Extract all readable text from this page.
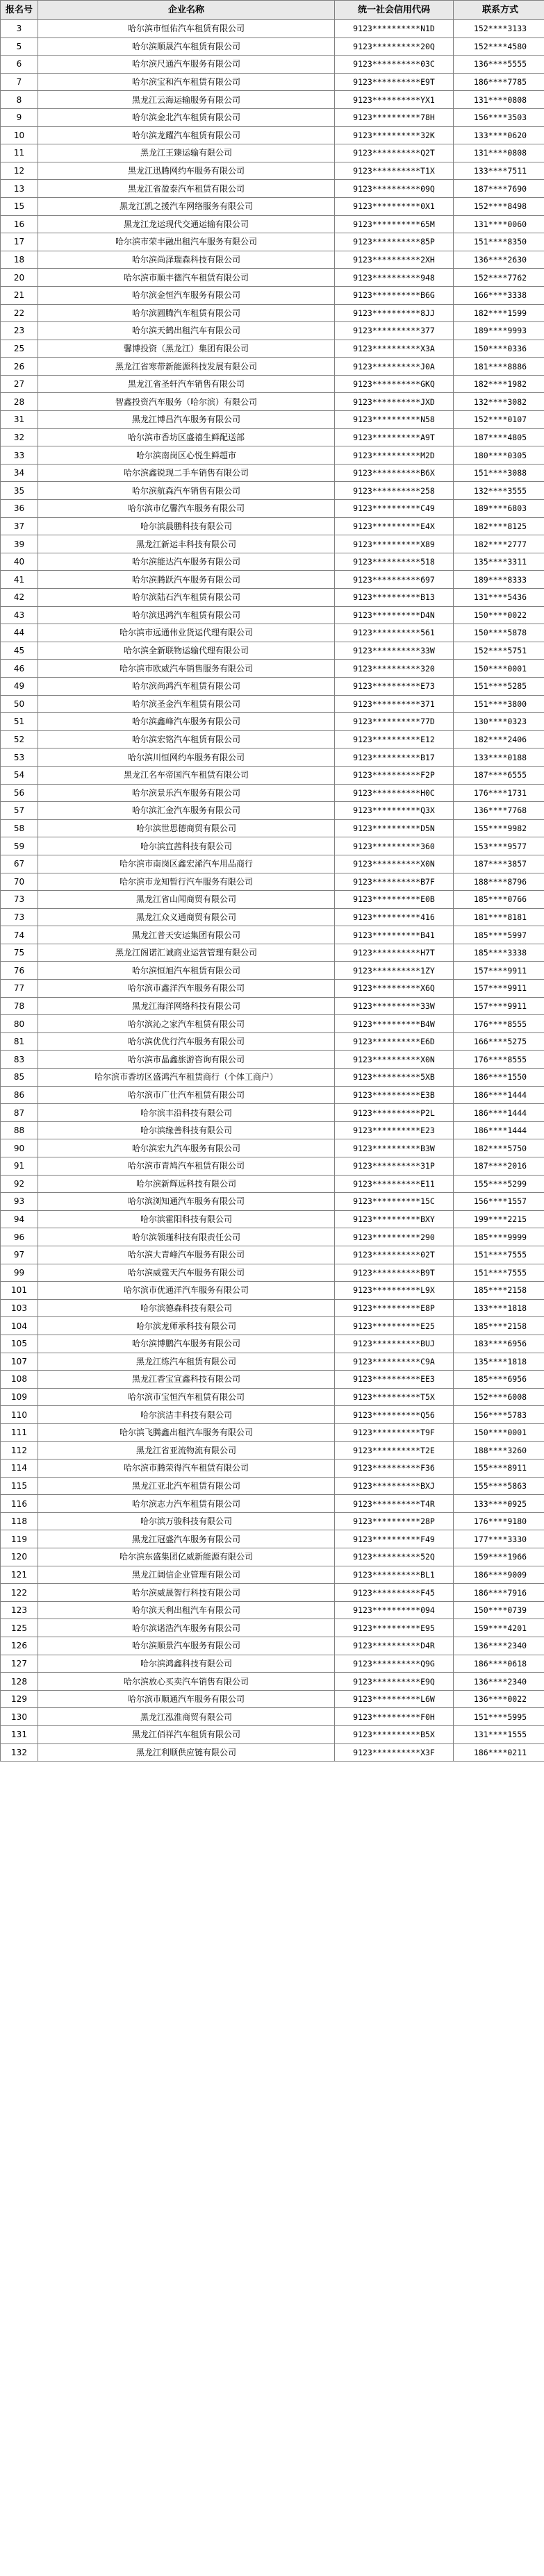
报名号	企业名称	统一社会信用代码	联系方式
3	哈尔滨市恒佑汽车租赁有限公司	9123**********N1D	152****3133
5	哈尔滨顺晟汽车租赁有限公司	9123**********20Q	152****4580
6	哈尔滨尺通汽车服务有限公司	9123**********03C	136****5555
7	哈尔滨宝和汽车租赁有限公司	9123**********E9T	186****7785
8	黑龙江云海运输服务有限公司	9123**********YX1	131****0808
9	哈尔滨金北汽车租赁有限公司	9123**********78H	156****3503
10	哈尔滨龙耀汽车租赁有限公司	9123**********32K	133****0620
11	黑龙江王臻运输有限公司	9123**********Q2T	131****0808
12	黑龙江迅腾网约车服务有限公司	9123**********T1X	133****7511
13	黑龙江省盈泰汽车租赁有限公司	9123**********09Q	187****7690
15	黑龙江凯之援汽车网络服务有限公司	9123**********0X1	152****8498
16	黑龙江龙运现代交通运输有限公司	9123**********65M	131****0060
17	哈尔滨市荣丰融出租汽车服务有限公司	9123**********85P	151****8350
18	哈尔滨尚泽瑞森科技有限公司	9123**********2XH	136****2630
20	哈尔滨市顺丰德汽车租赁有限公司	9123**********948	152****7762
21	哈尔滨金恒汽车服务有限公司	9123**********B6G	166****3338
22	哈尔滨圆腾汽车租赁有限公司	9123**********8JJ	182****1599
23	哈尔滨天鹤出租汽车有限公司	9123**********377	189****9993
25	馨博投资（黑龙江）集团有限公司	9123**********X3A	150****0336
26	黑龙江省寒带新能源科技发展有限公司	9123**********J0A	181****8886
27	黑龙江省圣轩汽车销售有限公司	9123**********GKQ	182****1982
28	智鑫投资汽车服务（哈尔滨）有限公司	9123**********JXD	132****3082
31	黑龙江博昌汽车服务有限公司	9123**********N58	152****0107
32	哈尔滨市香坊区盛禧生鲜配送部	9123**********A9T	187****4805
33	哈尔滨南岗区心悦生鲜超市	9123**********M2D	180****0305
34	哈尔滨鑫锐现二手车销售有限公司	9123**********B6X	151****3088
35	哈尔滨航森汽车销售有限公司	9123**********258	132****3555
36	哈尔滨市亿馨汽车服务有限公司	9123**********C49	189****6803
37	哈尔滨晨鹏科技有限公司	9123**********E4X	182****8125
39	黑龙江新运丰科技有限公司	9123**********X89	182****2777
40	哈尔滨能达汽车服务有限公司	9123**********518	135****3311
41	哈尔滨腾跃汽车服务有限公司	9123**********697	189****8333
42	哈尔滨陆石汽车租赁有限公司	9123**********B13	131****5436
43	哈尔滨迅鸿汽车租赁有限公司	9123**********D4N	150****0022
44	哈尔滨市远通伟业货运代理有限公司	9123**********561	150****5878
45	哈尔滨全新联物运输代理有限公司	9123**********33W	152****5751
46	哈尔滨市欧威汽车销售服务有限公司	9123**********320	150****0001
49	哈尔滨尚鸿汽车租赁有限公司	9123**********E73	151****5285
50	哈尔滨圣金汽车租赁有限公司	9123**********371	151****3800
51	哈尔滨鑫峰汽车服务有限公司	9123**********77D	130****0323
52	哈尔滨宏铭汽车租赁有限公司	9123**********E12	182****2406
53	哈尔滨川恒网约车服务有限公司	9123**********B17	133****0188
54	黑龙江名车帝国汽车租赁有限公司	9123**********F2P	187****6555
56	哈尔滨景乐汽车服务有限公司	9123**********H0C	176****1731
57	哈尔滨汇金汽车服务有限公司	9123**********Q3X	136****7768
58	哈尔滨世思德商贸有限公司	9123**********D5N	155****9982
59	哈尔滨宜茜科技有限公司	9123**********360	153****9577
67	哈尔滨市南岗区鑫宏浠汽车用品商行	9123**********X0N	187****3857
70	哈尔滨市龙知暂行汽车服务有限公司	9123**********B7F	188****8796
73	黑龙江省山闻商贸有限公司	9123**********E0B	185****0766
73	黑龙江众义通商贸有限公司	9123**********416	181****8181
74	黑龙江普天安运集团有限公司	9123**********B41	185****5997
75	黑龙江阁诺汇诚商业运营管理有限公司	9123**********H7T	185****3338
76	哈尔滨恒旭汽车租赁有限公司	9123**********1ZY	157****9911
77	哈尔滨市鑫洋汽车服务有限公司	9123**********X6Q	157****9911
78	黑龙江海洋网络科技有限公司	9123**********33W	157****9911
80	哈尔滨沁之家汽车租赁有限公司	9123**********B4W	176****8555
81	哈尔滨优优行汽车服务有限公司	9123**********E6D	166****5275
83	哈尔滨市晶鑫旅游咨询有限公司	9123**********X0N	176****8555
85	哈尔滨市香坊区盛鸿汽车租赁商行（个体工商户）	9123**********5XB	186****1550
86	哈尔滨市广仕汽车租赁有限公司	9123**********E3B	186****1444
87	哈尔滨丰沿科技有限公司	9123**********P2L	186****1444
88	哈尔滨缘善科技有限公司	9123**********E23	186****1444
90	哈尔滨宏九汽车服务有限公司	9123**********B3W	182****5750
91	哈尔滨市青鸠汽车租赁有限公司	9123**********31P	187****2016
92	哈尔滨新辉远科技有限公司	9123**********E11	155****5299
93	哈尔滨浏知通汽车服务有限公司	9123**********15C	156****1557
94	哈尔滨霍阳科技有限公司	9123**********BXY	199****2215
96	哈尔滨领瑾科技有限责任公司	9123**********290	185****9999
97	哈尔滨大青峰汽车服务有限公司	9123**********02T	151****7555
99	哈尔滨威霆天汽车服务有限公司	9123**********B9T	151****7555
101	哈尔滨市优通洋汽车服务有限公司	9123**********L9X	185****2158
103	哈尔滨德森科技有限公司	9123**********E8P	133****1818
104	哈尔滨龙师承科技有限公司	9123**********E25	185****2158
105	哈尔滨博鹏汽车服务有限公司	9123**********BUJ	183****6956
107	黑龙江练汽车租赁有限公司	9123**********C9A	135****1818
108	黑龙江香宝宣鑫科技有限公司	9123**********EE3	185****6956
109	哈尔滨市宝恒汽车租赁有限公司	9123**********T5X	152****6008
110	哈尔滨洁丰科技有限公司	9123**********Q56	156****5783
111	哈尔滨飞腾鑫出租汽车服务有限公司	9123**********T9F	150****0001
112	黑龙江省亚流物流有限公司	9123**********T2E	188****3260
114	哈尔滨市腾荣得汽车租赁有限公司	9123**********F36	155****8911
115	黑龙江亚北汽车租赁有限公司	9123**********BXJ	155****5863
116	哈尔滨志力汽车租赁有限公司	9123**********T4R	133****0925
118	哈尔滨万骏科技有限公司	9123**********28P	176****9180
119	黑龙江冠盛汽车服务有限公司	9123**********F49	177****3330
120	哈尔滨东盛集团亿威新能源有限公司	9123**********52Q	159****1966
121	黑龙江阔信企业管理有限公司	9123**********BL1	186****9009
122	哈尔滨威晟智行科技有限公司	9123**********F45	186****7916
123	哈尔滨天利出租汽车有限公司	9123**********094	150****0739
125	哈尔滨诺浩汽车服务有限公司	9123**********E95	159****4201
126	哈尔滨顺景汽车服务有限公司	9123**********D4R	136****2340
127	哈尔滨鸿鑫科技有限公司	9123**********Q9G	186****0618
128	哈尔滨放心买卖汽车销售有限公司	9123**********E9Q	136****2340
129	哈尔滨市顺通汽车服务有限公司	9123**********L6W	136****0022
130	黑龙江泓淮商贸有限公司	9123**********F0H	151****5995
131	黑龙江佰祥汽车租赁有限公司	9123**********B5X	131****1555
132	黑龙江利顺供应链有限公司	9123**********X3F	186****0211
